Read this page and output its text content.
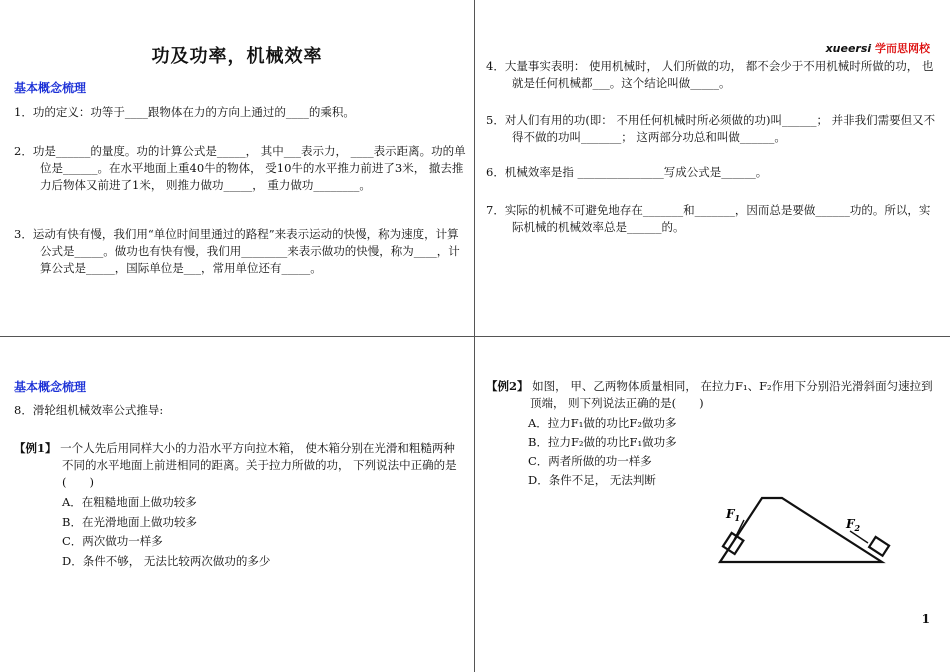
功及功率，机械效率
基本概念梳理
1．功的定义：功等于____跟物体在力的方向上通过的____的乘积。
2．功是______的量度。功的计算公式是_____， 其中___表示力， ____表示距离。功的单位是______。在水平地面上重40牛的物体， 受10牛的水平推力前进了3米， 撤去推力后物体又前进了1米， 则推力做功_____， 重力做功________。
3．运动有快有慢，我们用“单位时间里通过的路程”来表示运动的快慢，称为速度，计算公式是_____。做功也有快有慢，我们用________来表示做功的快慢，称为____，计算公式是_____，国际单位是___，常用单位还有_____。
xueersi 学而思网校
4．大量事实表明： 使用机械时， 人们所做的功， 都不会少于不用机械时所做的功， 也就是任何机械都___。这个结论叫做_____。
5．对人们有用的功(即： 不用任何机械时所必须做的功)叫______； 并非我们需要但又不得不做的功叫_______； 这两部分功总和叫做______。
6．机械效率是指 _______________写成公式是______。
7．实际的机械不可避免地存在_______和_______，因而总是要做______功的。所以，实际机械的机械效率总是______的。
基本概念梳理
8．滑轮组机械效率公式推导:
【例1】 一个人先后用同样大小的力沿水平方向拉木箱， 使木箱分别在光滑和粗糙两种不同的水平地面上前进相同的距离。关于拉力所做的功， 下列说法中正确的是(　　)
A．在粗糙地面上做功较多
B．在光滑地面上做功较多
C．两次做功一样多
D．条件不够， 无法比较两次做功的多少
【例2】 如图， 甲、乙两物体质量相同， 在拉力F₁、F₂作用下分别沿光滑斜面匀速拉到顶端， 则下列说法正确的是(　　)
A．拉力F₁做的功比F₂做功多
B．拉力F₂做的功比F₁做功多
C．两者所做的功一样多
D．条件不足， 无法判断
$F_1$	$F_2$
1
